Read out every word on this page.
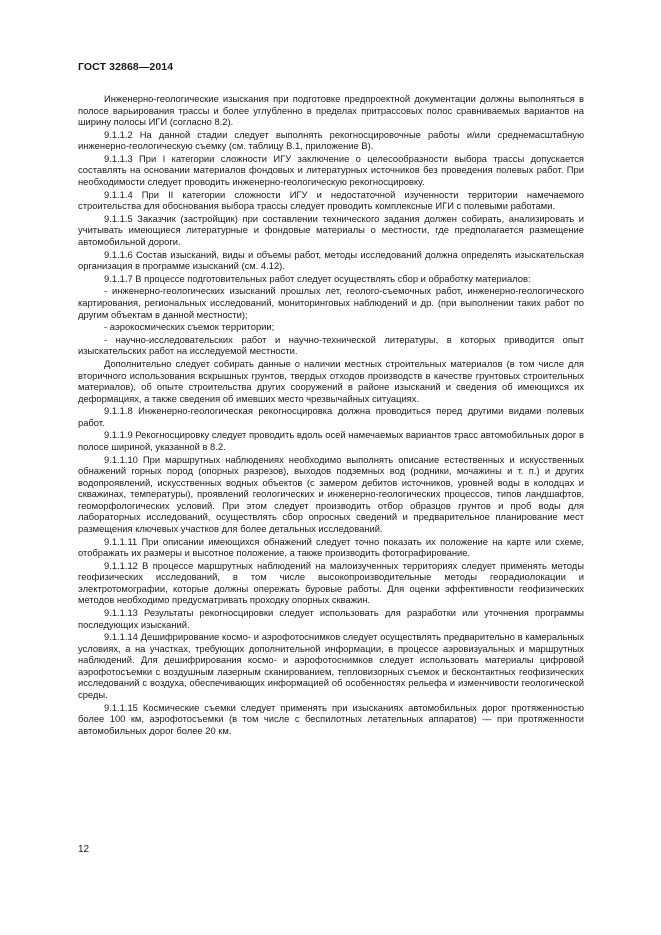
ГОСТ 32868—2014

Инженерно-геологические изыскания при подготовке предпроектной документации должны выполняться в полосе варьирования трассы и более углубленно в пределах притрассовых полос сравниваемых вариантов на ширину полосы ИГИ (согласно 8.2).

9.1.1.2 На данной стадии следует выполнять рекогносцировочные работы и/или среднемасштабную инженерно-геологическую съемку (см. таблицу В.1, приложение В).

9.1.1.3 При I категории сложности ИГУ заключение о целесообразности выбора трассы допускается составлять на основании материалов фондовых и литературных источников без проведения полевых работ. При необходимости следует проводить инженерно-геологическую рекогносцировку.

9.1.1.4 При II категории сложности ИГУ и недостаточной изученности территории намечаемого строительства для обоснования выбора трассы следует проводить комплексные ИГИ с полевыми работами.

9.1.1.5 Заказчик (застройщик) при составлении технического задания должен собирать, анализировать и учитывать имеющиеся литературные и фондовые материалы о местности, где предполагается размещение автомобильной дороги.

9.1.1.6 Состав изысканий, виды и объемы работ, методы исследований должна определять изыскательская организация в программе изысканий (см. 4.12).

9.1.1.7 В процессе подготовительных работ следует осуществлять сбор и обработку материалов:

- инженерно-геологических изысканий прошлых лет, геолого-съемочных работ, инженерно-геологического картирования, региональных исследований, мониторинговых наблюдений и др. (при выполнении таких работ по другим объектам в данной местности);

- аэрокосмических съемок территории;

- научно-исследовательских работ и научно-технической литературы, в которых приводится опыт изыскательских работ на исследуемой местности.

Дополнительно следует собирать данные о наличии местных строительных материалов (в том числе для вторичного использования вскрышных грунтов, твердых отходов производств в качестве грунтовых строительных материалов), об опыте строительства других сооружений в районе изысканий и сведения об имеющихся их деформациях, а также сведения об имевших место чрезвычайных ситуациях.

9.1.1.8 Инженерно-геологическая рекогносцировка должна проводиться перед другими видами полевых работ.

9.1.1.9 Рекогносцировку следует проводить вдоль осей намечаемых вариантов трасс автомобильных дорог в полосе шириной, указанной в 8.2.

9.1.1.10 При маршрутных наблюдениях необходимо выполнять описание естественных и искусственных обнажений горных пород (опорных разрезов), выходов подземных вод (родники, мочажины и т. п.) и других водопроявлений, искусственных водных объектов (с замером дебитов источников, уровней воды в колодцах и скважинах, температуры), проявлений геологических и инженерно-геологических процессов, типов ландшафтов, геоморфологических условий. При этом следует производить отбор образцов грунтов и проб воды для лабораторных исследований, осуществлять сбор опросных сведений и предварительное планирование мест размещения ключевых участков для более детальных исследований.

9.1.1.11 При описании имеющихся обнажений следует точно показать их положение на карте или схеме, отображать их размеры и высотное положение, а также производить фотографирование.

9.1.1.12 В процессе маршрутных наблюдений на малоизученных территориях следует применять методы геофизических исследований, в том числе высокопроизводительные методы георадиолокации и электротомографии, которые должны опережать буровые работы. Для оценки эффективности геофизических методов необходимо предусматривать проходку опорных скважин.

9.1.1.13 Результаты рекогносцировки следует использовать для разработки или уточнения программы последующих изысканий.

9.1.1.14 Дешифрирование космо- и аэрофотоснимков следует осуществлять предварительно в камеральных условиях, а на участках, требующих дополнительной информации, в процессе аэровизуальных и маршрутных наблюдений. Для дешифрирования космо- и аэрофотоснимков следует использовать материалы цифровой аэрофотосъемки с воздушным лазерным сканированием, тепловизорных съемок и бесконтактных геофизических исследований с воздуха, обеспечивающих информацией об особенностях рельефа и изменчивости геологической среды.

9.1.1.15 Космические съемки следует применять при изысканиях автомобильных дорог протяженностью более 100 км, аэрофотосъемки (в том числе с беспилотных летательных аппаратов) — при протяженности автомобильных дорог более 20 км.

12
